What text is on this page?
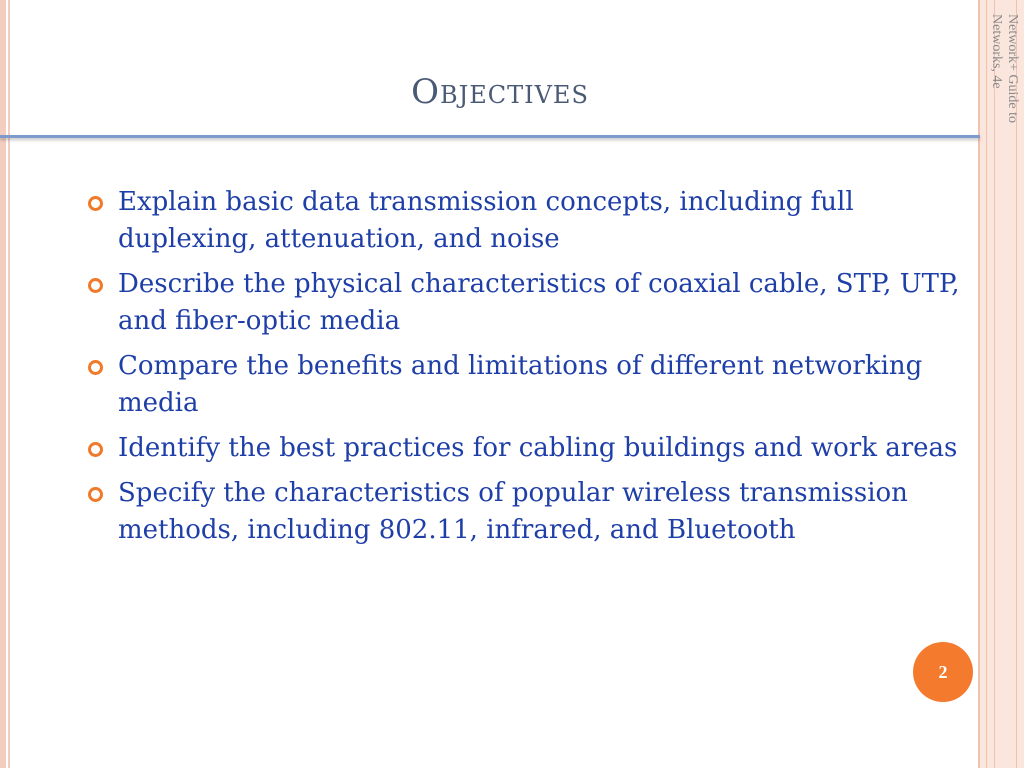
Network+ Guide to Networks, 4e
Objectives
Explain basic data transmission concepts, including full duplexing, attenuation, and noise
Describe the physical characteristics of coaxial cable, STP, UTP, and fiber-optic media
Compare the benefits and limitations of different networking media
Identify the best practices for cabling buildings and work areas
Specify the characteristics of popular wireless transmission methods, including 802.11, infrared, and Bluetooth
2
